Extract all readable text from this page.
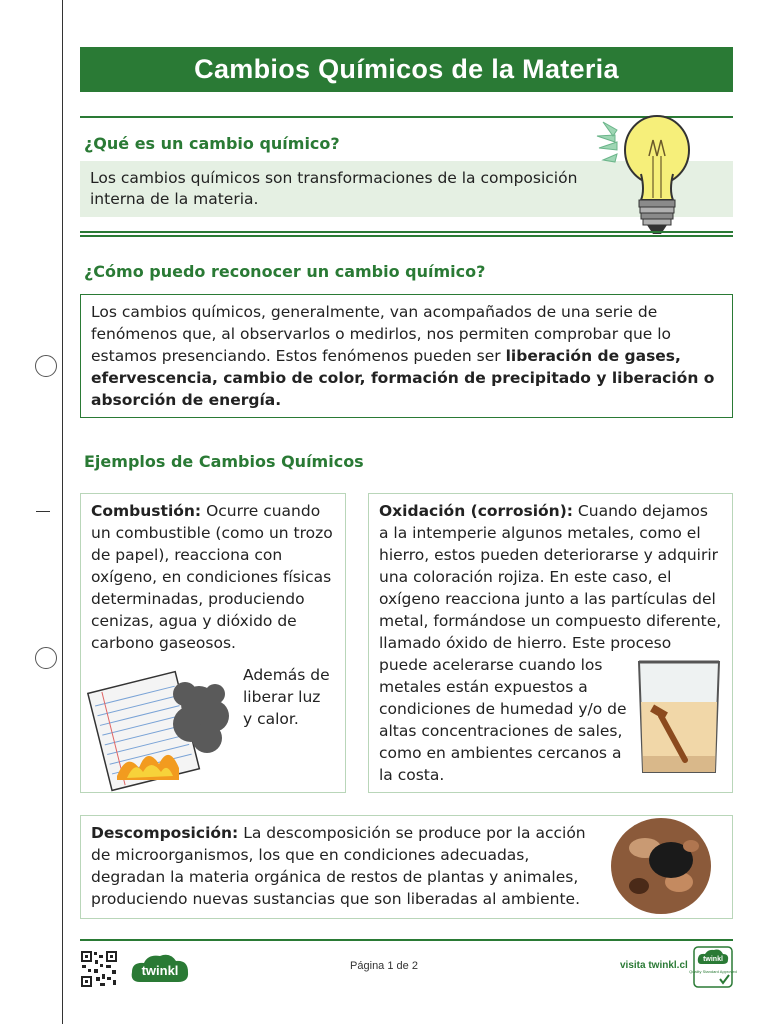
Cambios Químicos de la Materia
¿Qué es un cambio químico?
Los cambios químicos son transformaciones de la composición
interna de la materia.
¿Cómo puedo reconocer un cambio químico?
Los cambios químicos, generalmente, van acompañados de una serie de fenómenos que, al observarlos o medirlos, nos permiten comprobar que lo estamos presenciando. Estos fenómenos pueden ser liberación de gases, efervescencia, cambio de color, formación de precipitado y liberación o absorción de energía.
Ejemplos de Cambios Químicos
Combustión: Ocurre cuando un combustible (como un trozo de papel), reacciona con oxígeno, en condiciones físicas determinadas, produciendo cenizas, agua y dióxido de carbono gaseosos.
Además de liberar luz y calor.
Oxidación (corrosión): Cuando dejamos a la intemperie algunos metales, como el hierro, estos pueden deteriorarse y adquirir una coloración rojiza. En este caso, el oxígeno reacciona junto a las partículas del metal, formándose un compuesto diferente, llamado óxido de hierro. Este proceso
puede acelerarse cuando los metales están expuestos a condiciones de humedad y/o de altas concentraciones de sales, como en ambientes cercanos a la costa.
Descomposición: La descomposición se produce por la acción de microorganismos, los que en condiciones adecuadas, degradan la materia orgánica de restos de plantas y animales, produciendo nuevas sustancias que son liberadas al ambiente.
twinkl	Página 1 de 2	visita twinkl.cl
twinkl
Quality Standard Approved
